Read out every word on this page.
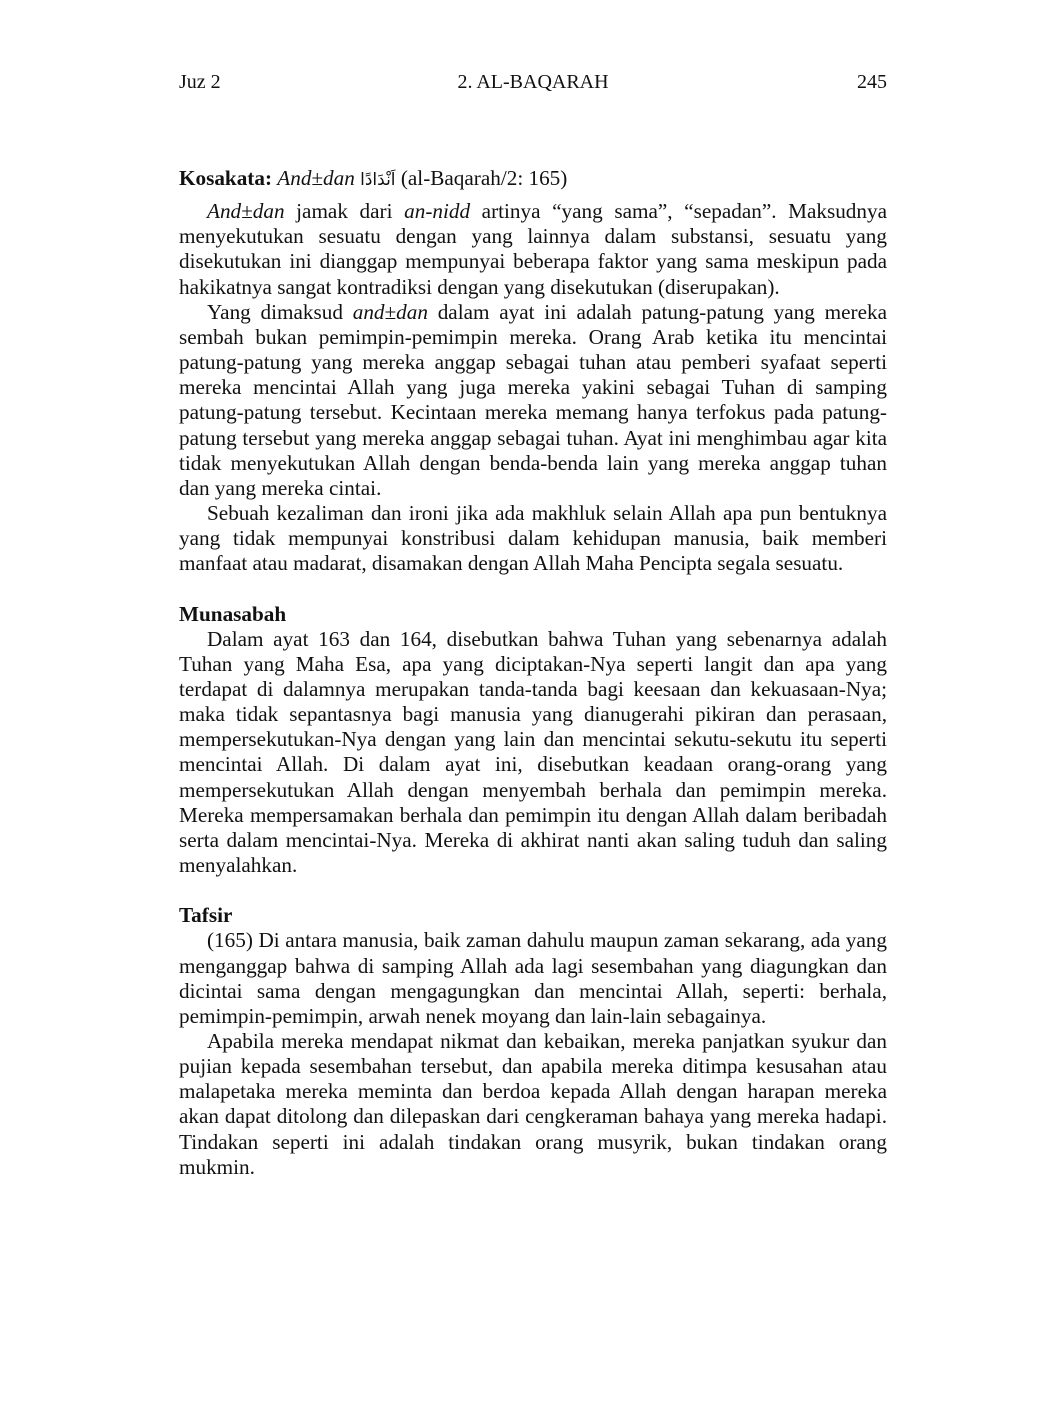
Juz 2	2. AL-BAQARAH	245

Kosakata: And±dan اَنْدَادًا (al-Baqarah/2: 165)

And±dan jamak dari an-nidd artinya “yang sama”, “sepadan”. Maksudnya menyekutukan sesuatu dengan yang lainnya dalam substansi, sesuatu yang disekutukan ini dianggap mempunyai beberapa faktor yang sama meskipun pada hakikatnya sangat kontradiksi dengan yang disekutukan (diserupakan).

Yang dimaksud and±dan dalam ayat ini adalah patung-patung yang mereka sembah bukan pemimpin-pemimpin mereka. Orang Arab ketika itu mencintai patung-patung yang mereka anggap sebagai tuhan atau pemberi syafaat seperti mereka mencintai Allah yang juga mereka yakini sebagai Tuhan di samping patung-patung tersebut. Kecintaan mereka memang hanya terfokus pada patung-patung tersebut yang mereka anggap sebagai tuhan. Ayat ini menghimbau agar kita tidak menyekutukan Allah dengan benda-benda lain yang mereka anggap tuhan dan yang mereka cintai.

Sebuah kezaliman dan ironi jika ada makhluk selain Allah apa pun bentuknya yang tidak mempunyai konstribusi dalam kehidupan manusia, baik memberi manfaat atau madarat, disamakan dengan Allah Maha Pencipta segala sesuatu.

Munasabah

Dalam ayat 163 dan 164, disebutkan bahwa Tuhan yang sebenarnya adalah Tuhan yang Maha Esa, apa yang diciptakan-Nya seperti langit dan apa yang terdapat di dalamnya merupakan tanda-tanda bagi keesaan dan kekuasaan-Nya; maka tidak sepantasnya bagi manusia yang dianugerahi pikiran dan perasaan, mempersekutukan-Nya dengan yang lain dan mencintai sekutu-sekutu itu seperti mencintai Allah. Di dalam ayat ini, disebutkan keadaan orang-orang yang mempersekutukan Allah dengan menyembah berhala dan pemimpin mereka. Mereka mempersamakan berhala dan pemimpin itu dengan Allah dalam beribadah serta dalam mencintai-Nya. Mereka di akhirat nanti akan saling tuduh dan saling menyalahkan.

Tafsir

(165) Di antara manusia, baik zaman dahulu maupun zaman sekarang, ada yang menganggap bahwa di samping Allah ada lagi sesembahan yang diagungkan dan dicintai sama dengan mengagungkan dan mencintai Allah, seperti: berhala, pemimpin-pemimpin, arwah nenek moyang dan lain-lain sebagainya.

Apabila mereka mendapat nikmat dan kebaikan, mereka panjatkan syukur dan pujian kepada sesembahan tersebut, dan apabila mereka ditimpa kesusahan atau malapetaka mereka meminta dan berdoa kepada Allah dengan harapan mereka akan dapat ditolong dan dilepaskan dari cengkeraman bahaya yang mereka hadapi. Tindakan seperti ini adalah tindakan orang musyrik, bukan tindakan orang mukmin.
